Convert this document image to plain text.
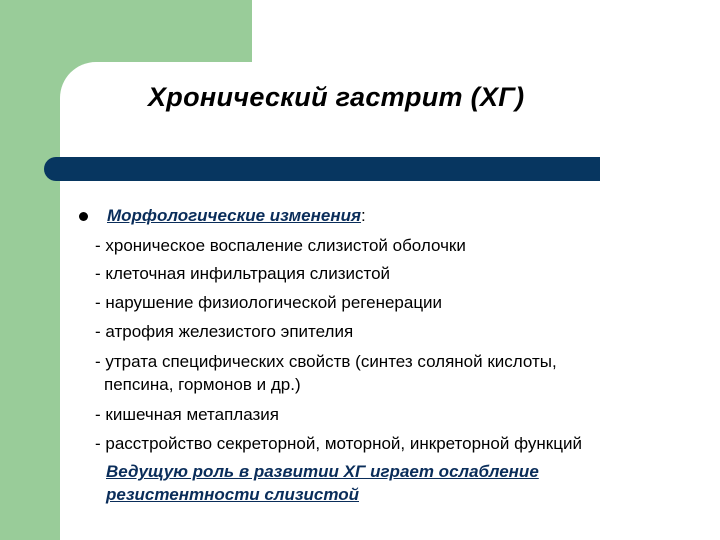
Хронический гастрит (ХГ)
Морфологические изменения:
- хроническое воспаление слизистой оболочки
- клеточная инфильтрация слизистой
- нарушение физиологической регенерации
- атрофия железистого эпителия
- утрата специфических свойств (синтез соляной кислоты,
пепсина, гормонов и др.)
- кишечная метаплазия
- расстройство секреторной, моторной, инкреторной функций
Ведущую роль в развитии ХГ играет ослабление
резистентности слизистой
